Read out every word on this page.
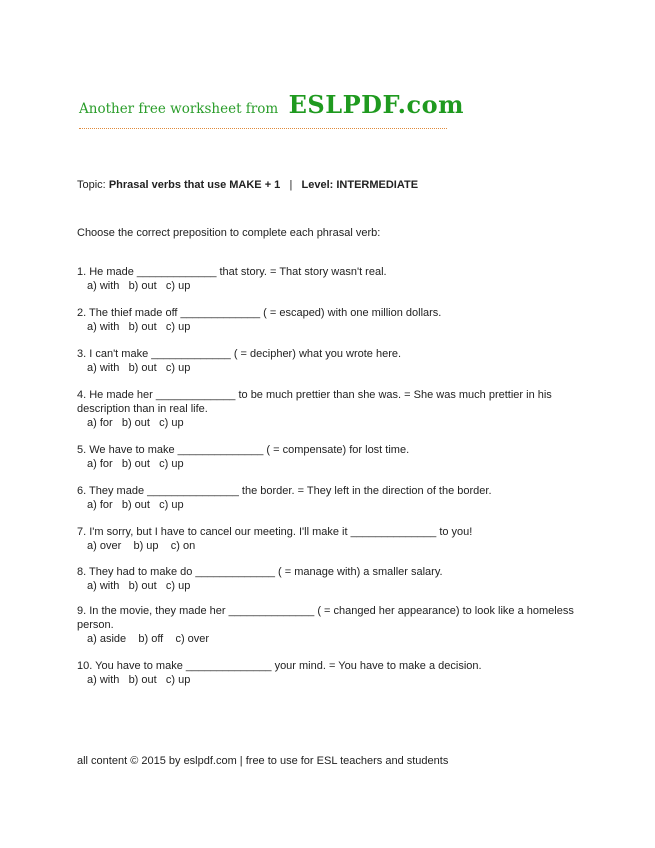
Another free worksheet from ESLPDF.com
Topic: Phrasal verbs that use MAKE + 1 | Level: INTERMEDIATE
Choose the correct preposition to complete each phrasal verb:
1. He made _____________ that story. = That story wasn't real.
a) with   b) out   c) up
2. The thief made off _____________ ( = escaped) with one million dollars.
a) with   b) out   c) up
3. I can't make _____________ ( = decipher) what you wrote here.
a) with   b) out   c) up
4. He made her _____________ to be much prettier than she was. = She was much prettier in his description than in real life.
a) for   b) out   c) up
5. We have to make ______________ ( = compensate) for lost time.
a) for   b) out   c) up
6. They made _______________ the border. = They left in the direction of the border.
a) for   b) out   c) up
7. I'm sorry, but I have to cancel our meeting. I'll make it ______________ to you!
a) over    b) up    c) on
8. They had to make do _____________ ( = manage with) a smaller salary.
a) with   b) out   c) up
9. In the movie, they made her ______________ ( = changed her appearance) to look like a homeless person.
a) aside    b) off    c) over
10. You have to make ______________ your mind. = You have to make a decision.
a) with   b) out   c) up
all content © 2015 by eslpdf.com | free to use for ESL teachers and students
